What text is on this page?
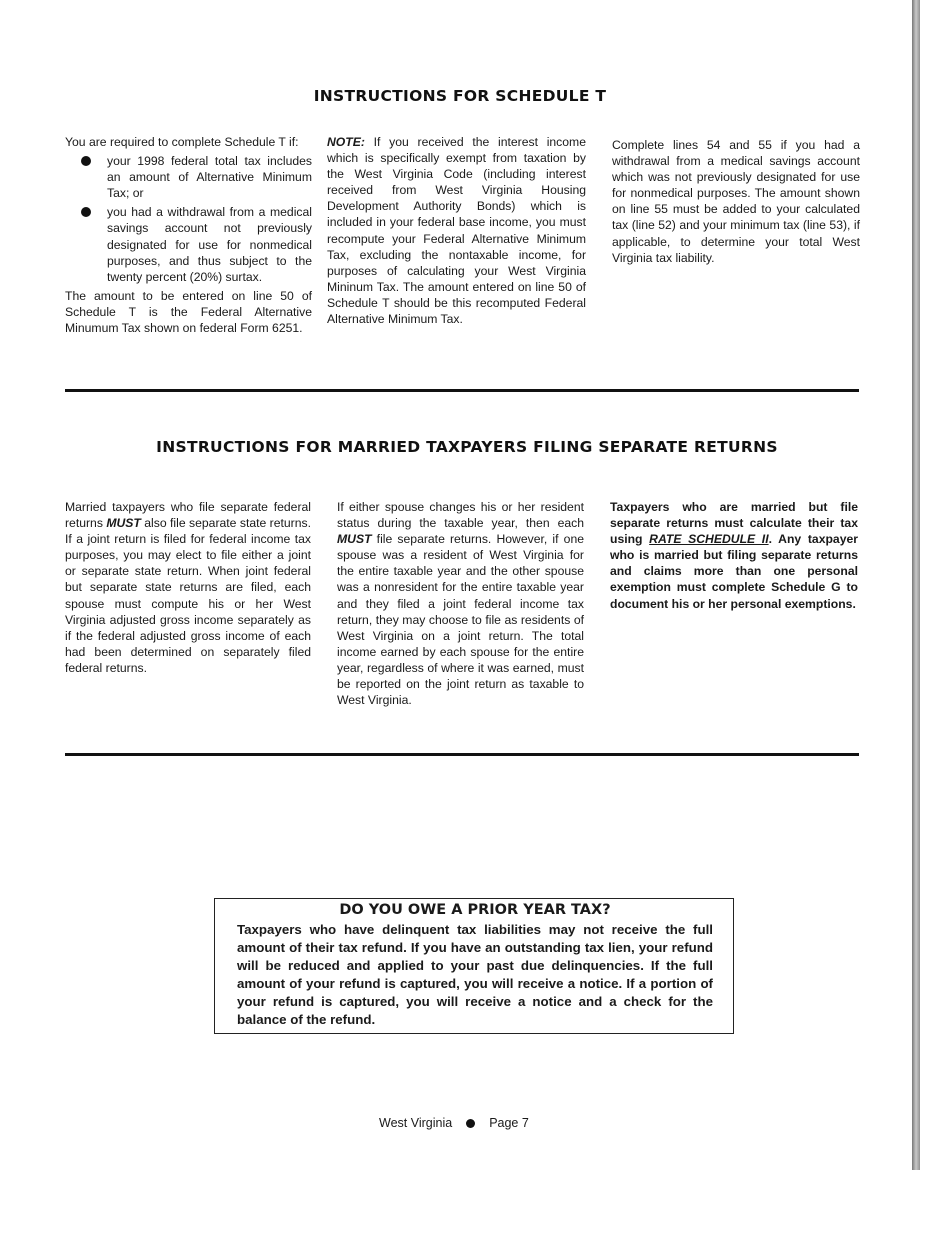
INSTRUCTIONS FOR SCHEDULE T

You are required to complete Schedule T if:

your 1998 federal total tax includes an amount of Alternative Minimum Tax; or
you had a withdrawal from a medical savings account not previously designated for use for nonmedical purposes, and thus subject to the twenty percent (20%) surtax.

The amount to be entered on line 50 of Schedule T is the Federal Alternative Minumum Tax shown on federal Form 6251.

NOTE: If you received the interest income which is specifically exempt from taxation by the West Virginia Code (including interest received from West Virginia Housing Development Authority Bonds) which is included in your federal base income, you must recompute your Federal Alternative Minimum Tax, excluding the nontaxable income, for purposes of calculating your West Virginia Mininum Tax. The amount entered on line 50 of Schedule T should be this recomputed Federal Alternative Minimum Tax.

Complete lines 54 and 55 if you had a withdrawal from a medical savings account which was not previously designated for use for nonmedical purposes. The amount shown on line 55 must be added to your calculated tax (line 52) and your minimum tax (line 53), if applicable, to determine your total West Virginia tax liability.

INSTRUCTIONS FOR MARRIED TAXPAYERS FILING SEPARATE RETURNS

Married taxpayers who file separate federal returns MUST also file separate state returns. If a joint return is filed for federal income tax purposes, you may elect to file either a joint or separate state return. When joint federal but separate state returns are filed, each spouse must compute his or her West Virginia adjusted gross income separately as if the federal adjusted gross income of each had been determined on separately filed federal returns.

If either spouse changes his or her resident status during the taxable year, then each MUST file separate returns. However, if one spouse was a resident of West Virginia for the entire taxable year and the other spouse was a nonresident for the entire taxable year and they filed a joint federal income tax return, they may choose to file as residents of West Virginia on a joint return. The total income earned by each spouse for the entire year, regardless of where it was earned, must be reported on the joint return as taxable to West Virginia.

Taxpayers who are married but file separate returns must calculate their tax using RATE SCHEDULE II. Any taxpayer who is married but filing separate returns and claims more than one personal exemption must complete Schedule G to document his or her personal exemptions.

DO YOU OWE A PRIOR YEAR TAX?

Taxpayers who have delinquent tax liabilities may not receive the full amount of their tax refund. If you have an outstanding tax lien, your refund will be reduced and applied to your past due delinquencies. If the full amount of your refund is captured, you will receive a notice. If a portion of your refund is captured, you will receive a notice and a check for the balance of the refund.

West Virginia	Page 7
